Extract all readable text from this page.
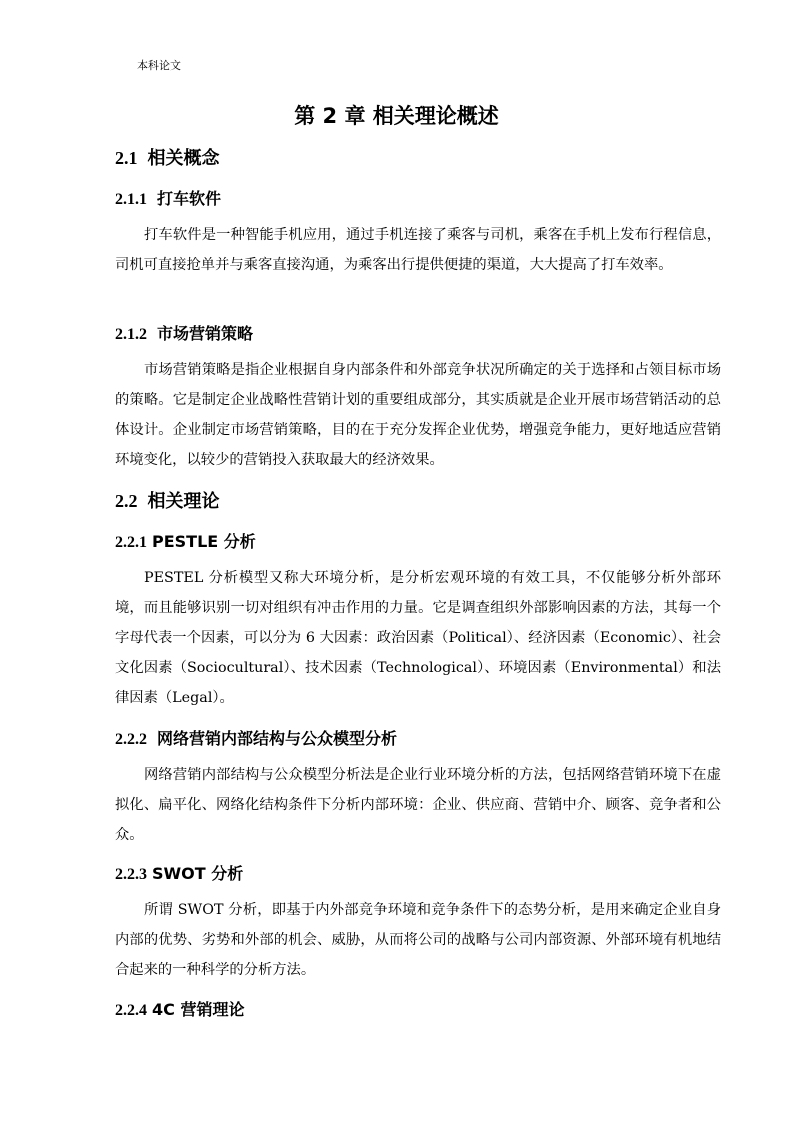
本科论文
第 2 章 相关理论概述
2.1 相关概念
2.1.1 打车软件
打车软件是一种智能手机应用，通过手机连接了乘客与司机，乘客在手机上发布行程信息，司机可直接抢单并与乘客直接沟通，为乘客出行提供便捷的渠道，大大提高了打车效率。
2.1.2 市场营销策略
市场营销策略是指企业根据自身内部条件和外部竞争状况所确定的关于选择和占领目标市场的策略。它是制定企业战略性营销计划的重要组成部分，其实质就是企业开展市场营销活动的总体设计。企业制定市场营销策略，目的在于充分发挥企业优势，增强竞争能力，更好地适应营销环境变化，以较少的营销投入获取最大的经济效果。
2.2 相关理论
2.2.1 PESTLE 分析
PESTEL 分析模型又称大环境分析，是分析宏观环境的有效工具，不仅能够分析外部环境，而且能够识别一切对组织有冲击作用的力量。它是调查组织外部影响因素的方法，其每一个字母代表一个因素，可以分为 6 大因素：政治因素（Political）、经济因素（Economic）、社会文化因素（Sociocultural）、技术因素（Technological）、环境因素（Environmental）和法律因素（Legal）。
2.2.2 网络营销内部结构与公众模型分析
网络营销内部结构与公众模型分析法是企业行业环境分析的方法，包括网络营销环境下在虚拟化、扁平化、网络化结构条件下分析内部环境：企业、供应商、营销中介、顾客、竞争者和公众。
2.2.3 SWOT 分析
所谓 SWOT 分析，即基于内外部竞争环境和竞争条件下的态势分析，是用来确定企业自身内部的优势、劣势和外部的机会、威胁，从而将公司的战略与公司内部资源、外部环境有机地结合起来的一种科学的分析方法。
2.2.4 4C 营销理论
